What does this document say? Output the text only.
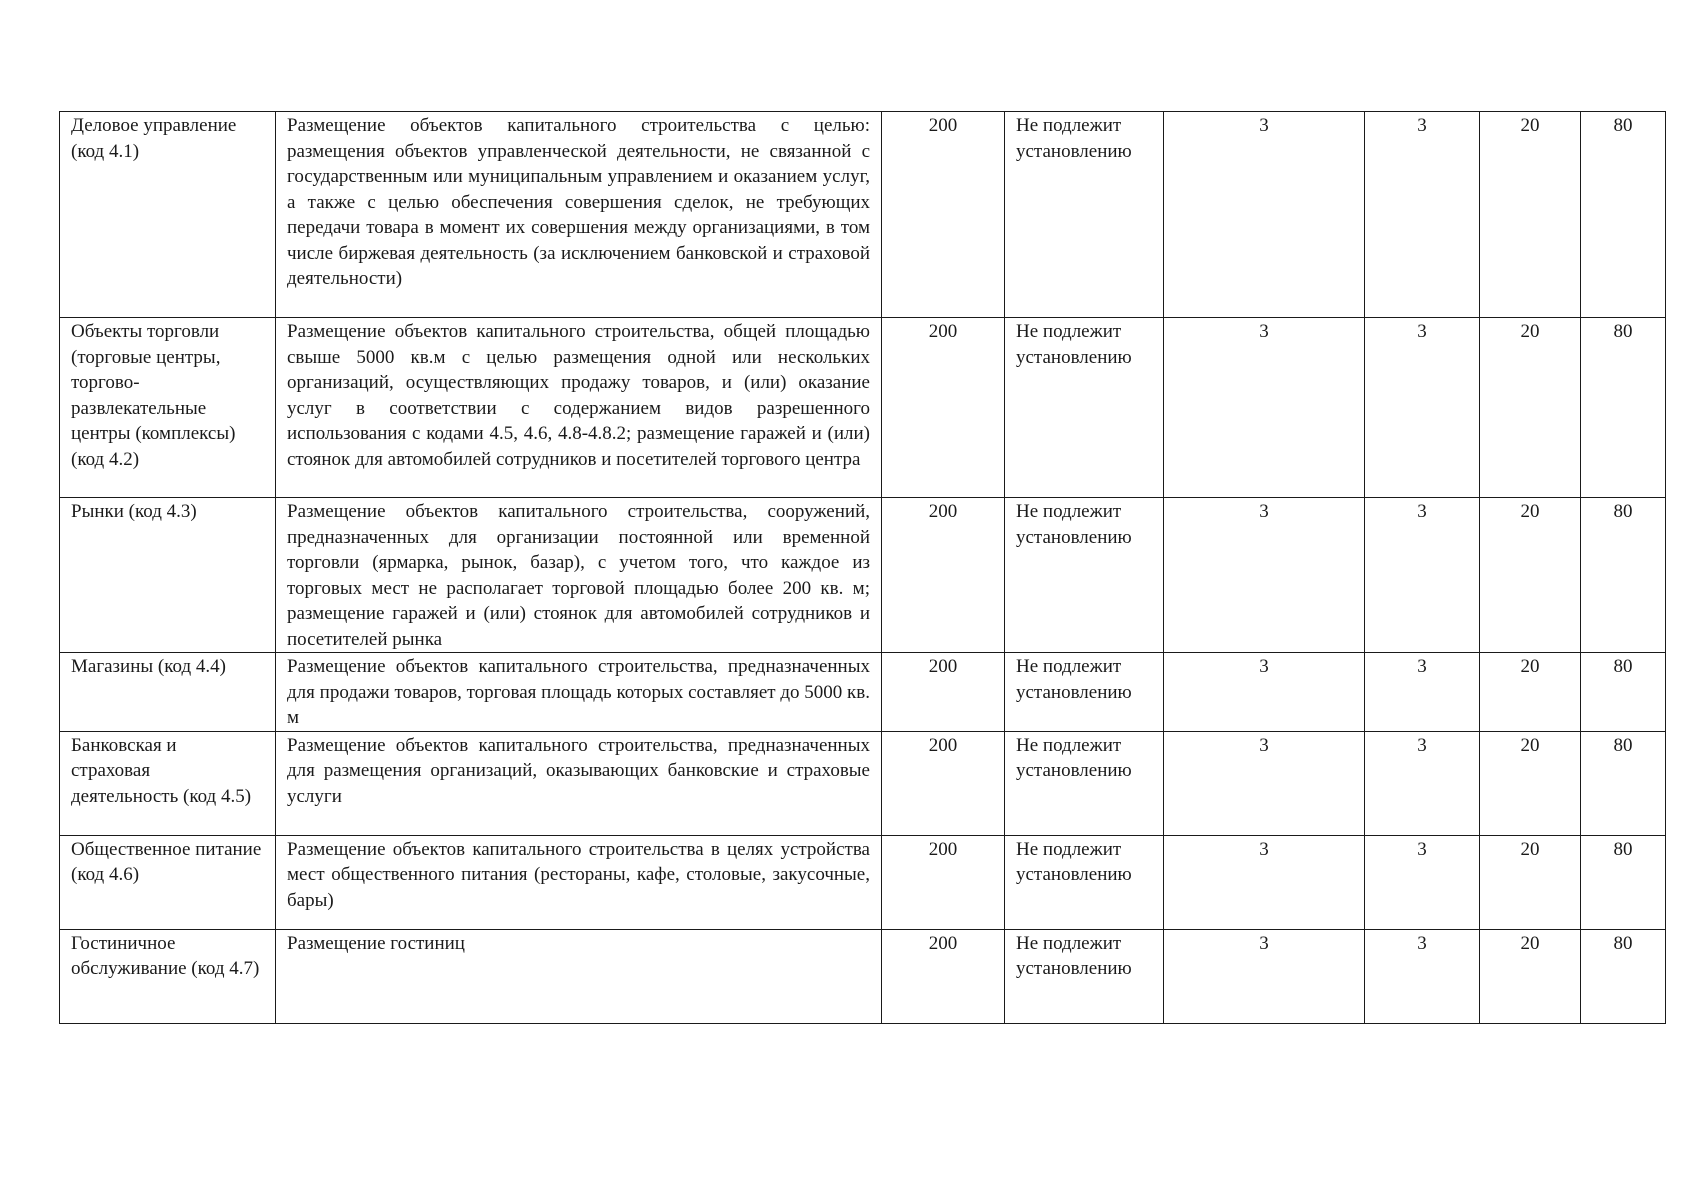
Деловое управление (код 4.1)	Размещение объектов капитального строительства с целью: размещения объектов управленческой деятельности, не связанной с государственным или муниципальным управлением и оказанием услуг, а также с целью обеспечения совершения сделок, не требующих передачи товара в момент их совершения между организациями, в том числе биржевая деятельность (за исключением банковской и страховой деятельности)	200	Не подлежит установлению	3	3	20	80
Объекты торговли (торговые центры, торгово-развлекательные центры (комплексы) (код 4.2)	Размещение объектов капитального строительства, общей площадью свыше 5000 кв.м с целью размещения одной или нескольких организаций, осуществляющих продажу товаров, и (или) оказание услуг в соответствии с содержанием видов разрешенного использования с кодами 4.5, 4.6, 4.8-4.8.2; размещение гаражей и (или) стоянок для автомобилей сотрудников и посетителей торгового центра	200	Не подлежит установлению	3	3	20	80
Рынки (код 4.3)	Размещение объектов капитального строительства, сооружений, предназначенных для организации постоянной или временной торговли (ярмарка, рынок, базар), с учетом того, что каждое из торговых мест не располагает торговой площадью более 200 кв. м; размещение гаражей и (или) стоянок для автомобилей сотрудников и посетителей рынка	200	Не подлежит установлению	3	3	20	80
Магазины (код 4.4)	Размещение объектов капитального строительства, предназначенных для продажи товаров, торговая площадь которых составляет до 5000 кв. м	200	Не подлежит установлению	3	3	20	80
Банковская и страховая деятельность (код 4.5)	Размещение объектов капитального строительства, предназначенных для размещения организаций, оказывающих банковские и страховые услуги	200	Не подлежит установлению	3	3	20	80
Общественное питание (код 4.6)	Размещение объектов капитального строительства в целях устройства мест общественного питания (рестораны, кафе, столовые, закусочные, бары)	200	Не подлежит установлению	3	3	20	80
Гостиничное обслуживание (код 4.7)	Размещение гостиниц	200	Не подлежит установлению	3	3	20	80
